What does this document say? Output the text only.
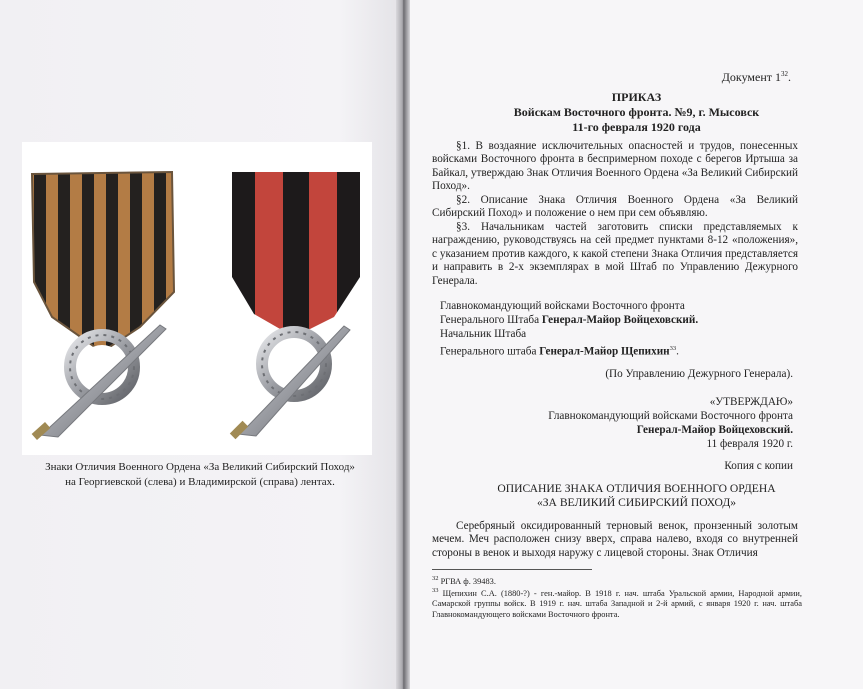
Знаки Отличия Военного Ордена «За Великий Сибирский Поход»
на Георгиевской (слева) и Владимирской (справа) лентах.
Документ $1^{32}$.
ПРИКАЗ
Войскам Восточного фронта. №9, г. Мысовск
11-го февраля 1920 года

§1. В воздаяние исключительных опасностей и трудов, понесенных войсками Восточного фронта в беспримерном походе с берегов Иртыша за Байкал, утверждаю Знак Отличия Военного Ордена «За Великий Сибирский Поход».

§2. Описание Знака Отличия Военного Ордена «За Великий Сибирский Поход» и положение о нем при сем объявляю.

§3. Начальникам частей заготовить списки представляемых к награждению, руководствуясь на сей предмет пунктами 8-12 «положения», с указанием против каждого, к какой степени Знака Отличия представляется и направить в 2-х экземплярах в мой Штаб по Управлению Дежурного Генерала.

Главнокомандующий войсками Восточного фронта
Генерального Штаба Генерал-Майор Войцеховский.
Начальник Штаба
Генерального штаба Генерал-Майор Щепихин$^{33}$.
(По Управлению Дежурного Генерала).
«УТВЕРЖДАЮ»
Главнокомандующий войсками Восточного фронта
Генерал-Майор Войцеховский.
11 февраля 1920 г.
Копия с копии
ОПИСАНИЕ ЗНАКА ОТЛИЧИЯ ВОЕННОГО ОРДЕНА
«ЗА ВЕЛИКИЙ СИБИРСКИЙ ПОХОД»

Серебряный оксидированный терновый венок, пронзенный золотым мечем. Меч расположен снизу вверх, справа налево, входя со внутренней стороны в венок и выходя наружу с лицевой стороны. Знак Отличия

$^{32}$ РГВА ф. 39483.
$^{33}$ Щепихин С.А. (1880-?) - ген.-майор. В 1918 г. нач. штаба Уральской армии, Народной армии, Самарской группы войск. В 1919 г. нач. штаба Западной и 2-й армий, с января 1920 г. нач. штаба Главнокомандующего войсками Восточного фронта.
